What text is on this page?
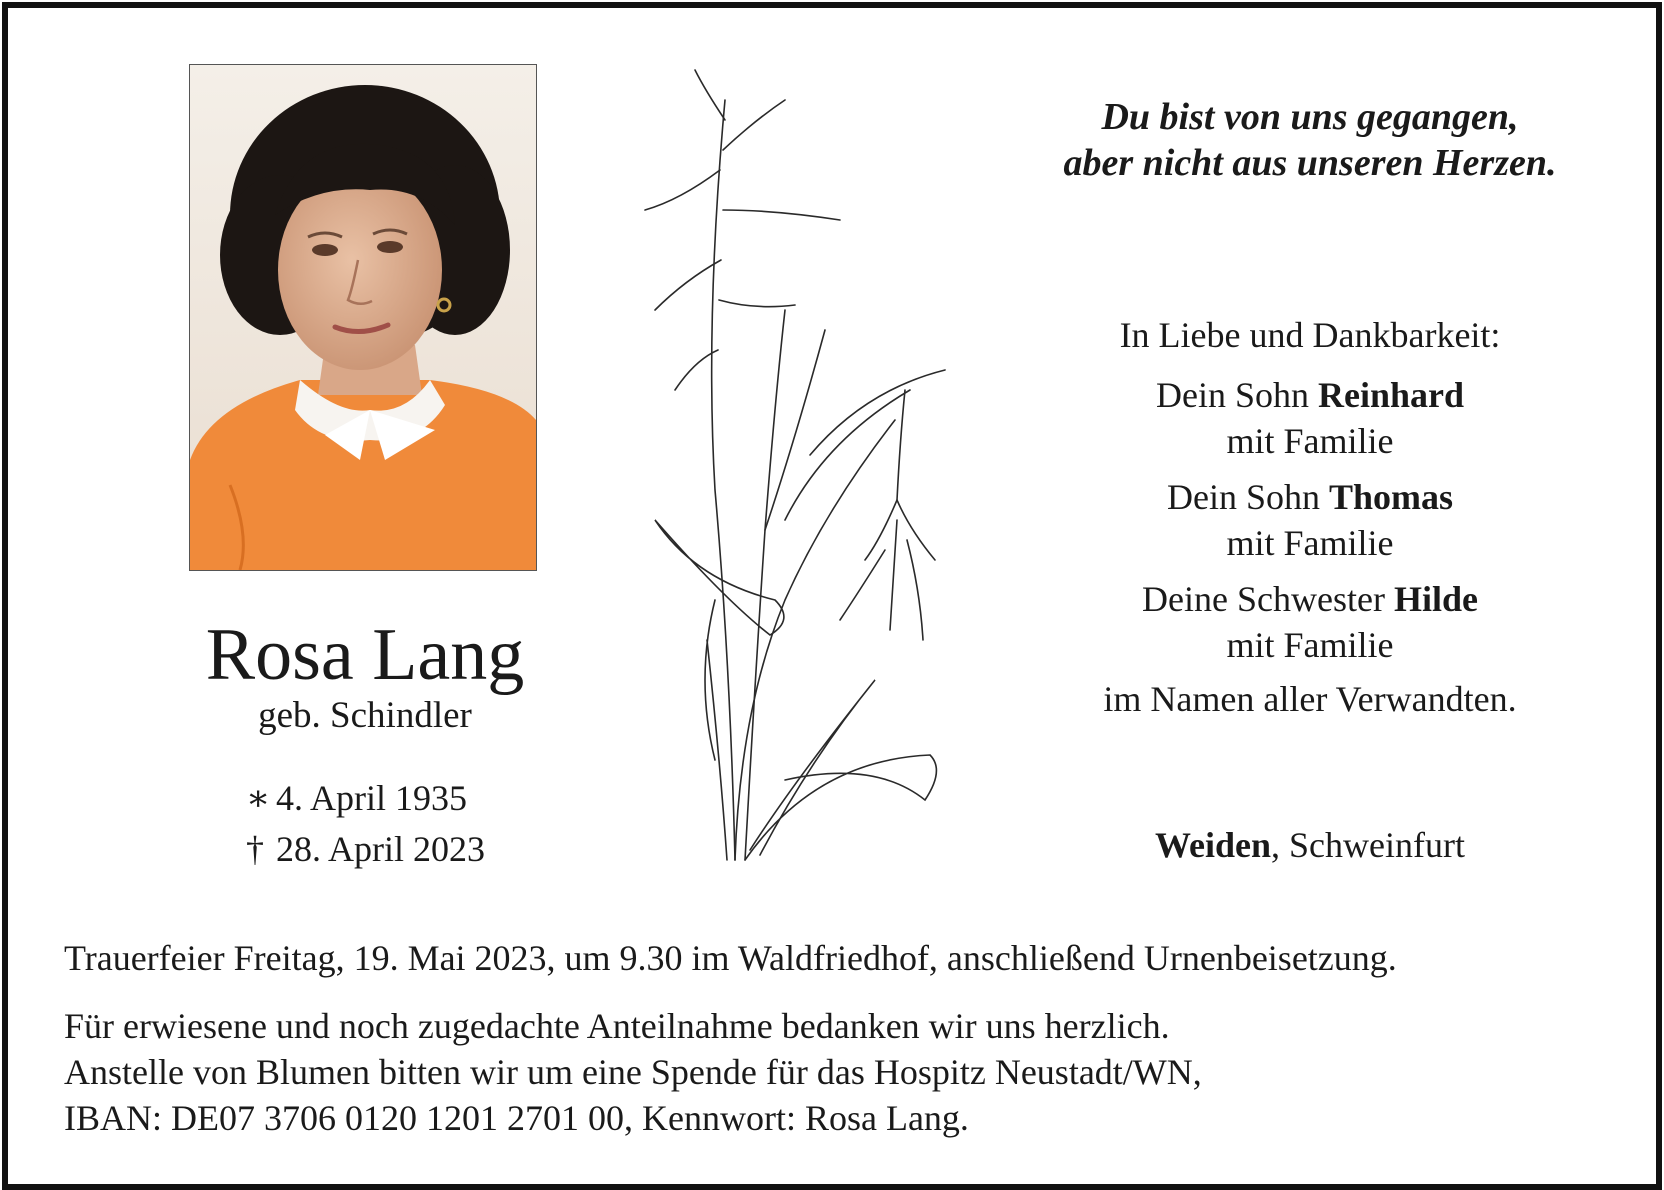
Rosa Lang
geb. Schindler
∗ 4. April 1935
† 28. April 2023
Du bist von uns gegangen,
aber nicht aus unseren Herzen.
In Liebe und Dankbarkeit:
Dein Sohn Reinhard
mit Familie
Dein Sohn Thomas
mit Familie
Deine Schwester Hilde
mit Familie
im Namen aller Verwandten.
Weiden, Schweinfurt
Trauerfeier Freitag, 19. Mai 2023, um 9.30 im Waldfriedhof, anschließend Urnenbeisetzung.
Für erwiesene und noch zugedachte Anteilnahme bedanken wir uns herzlich.
Anstelle von Blumen bitten wir um eine Spende für das Hospitz Neustadt/WN,
IBAN: DE07 3706 0120 1201 2701 00, Kennwort: Rosa Lang.
